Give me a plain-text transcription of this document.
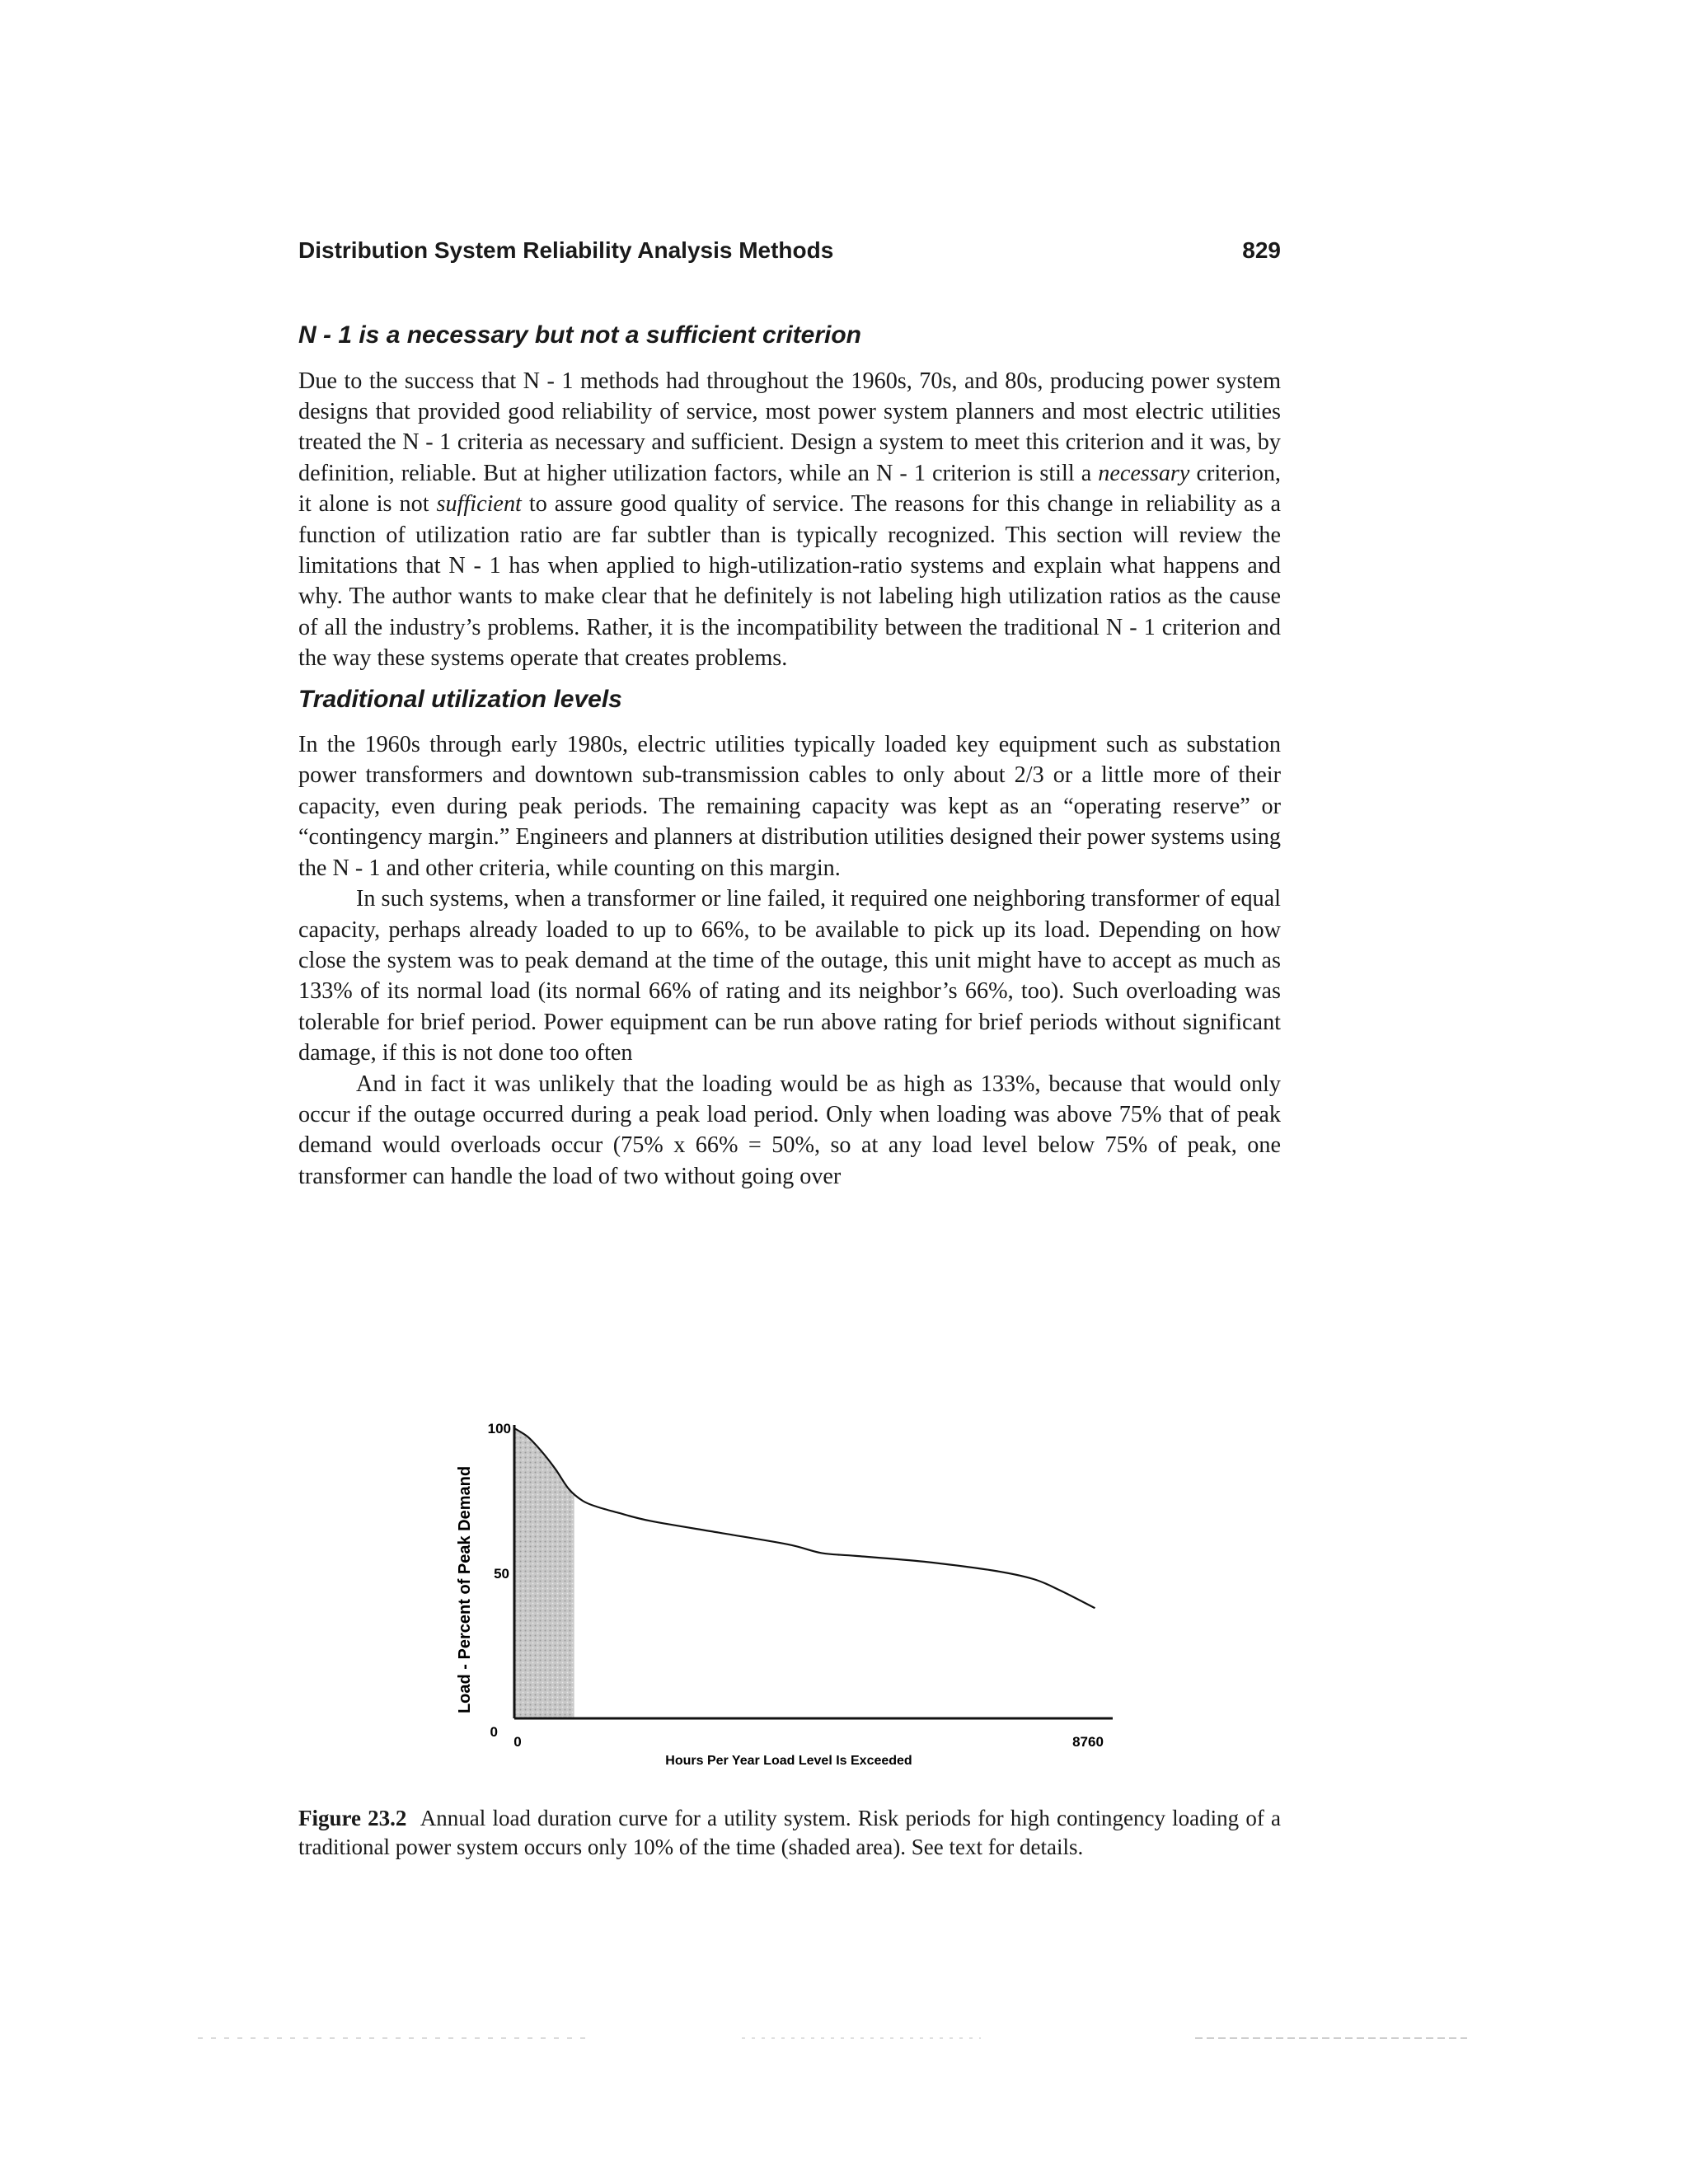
Distribution System Reliability Analysis Methods	829
N - 1 is a necessary but not a sufficient criterion

Due to the success that N - 1 methods had throughout the 1960s, 70s, and 80s, producing power system designs that provided good reliability of service, most power system planners and most electric utilities treated the N - 1 criteria as necessary and sufficient. Design a system to meet this criterion and it was, by definition, reliable. But at higher utilization factors, while an N - 1 criterion is still a necessary criterion, it alone is not sufficient to assure good quality of service. The reasons for this change in reliability as a function of utilization ratio are far subtler than is typically recognized. This section will review the limitations that N - 1 has when applied to high-utilization-ratio systems and explain what happens and why. The author wants to make clear that he definitely is not labeling high utilization ratios as the cause of all the industry’s problems. Rather, it is the incompatibility between the traditional N - 1 criterion and the way these systems operate that creates problems.

Traditional utilization levels

In the 1960s through early 1980s, electric utilities typically loaded key equipment such as substation power transformers and downtown sub-transmission cables to only about 2/3 or a little more of their capacity, even during peak periods. The remaining capacity was kept as an “operating reserve” or “contingency margin.” Engineers and planners at distribution utilities designed their power systems using the N - 1 and other criteria, while counting on this margin.

In such systems, when a transformer or line failed, it required one neighboring transformer of equal capacity, perhaps already loaded to up to 66%, to be available to pick up its load. Depending on how close the system was to peak demand at the time of the outage, this unit might have to accept as much as 133% of its normal load (its normal 66% of rating and its neighbor’s 66%, too). Such overloading was tolerable for brief period. Power equipment can be run above rating for brief periods without significant damage, if this is not done too often

And in fact it was unlikely that the loading would be as high as 133%, because that would only occur if the outage occurred during a peak load period. Only when loading was above 75% that of peak demand would overloads occur (75% x 66% = 50%, so at any load level below 75% of peak, one transformer can handle the load of two without going over

100
50
0
0	8760
Hours Per Year Load Level Is Exceeded
Load - Percent of Peak Demand
Figure 23.2 Annual load duration curve for a utility system. Risk periods for high contingency loading of a traditional power system occurs only 10% of the time (shaded area). See text for details.
